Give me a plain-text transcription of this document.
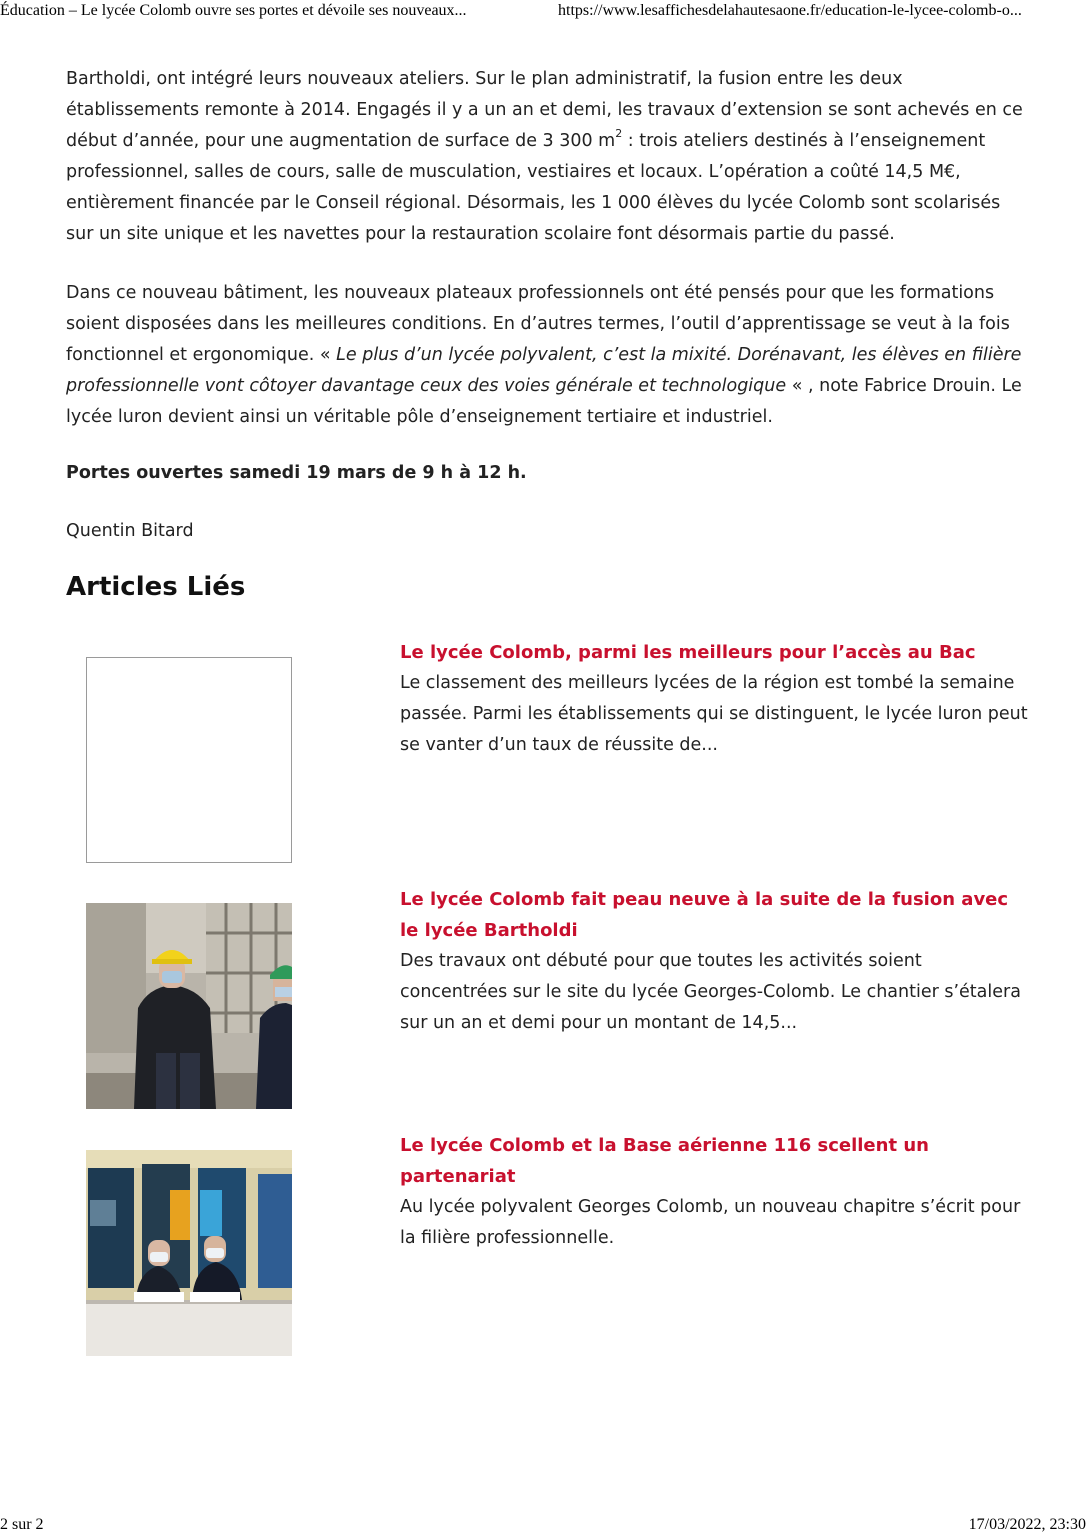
Éducation – Le lycée Colomb ouvre ses portes et dévoile ses nouveaux...	https://www.lesaffichesdelahautesaone.fr/education-le-lycee-colomb-o...

Bartholdi, ont intégré leurs nouveaux ateliers. Sur le plan administratif, la fusion entre les deux établissements remonte à 2014. Engagés il y a un an et demi, les travaux d’extension se sont achevés en ce début d’année, pour une augmentation de surface de 3 300 $m^2$ : trois ateliers destinés à l’enseignement professionnel, salles de cours, salle de musculation, vestiaires et locaux. L’opération a coûté 14,5 M€, entièrement financée par le Conseil régional. Désormais, les 1 000 élèves du lycée Colomb sont scolarisés sur un site unique et les navettes pour la restauration scolaire font désormais partie du passé.

Dans ce nouveau bâtiment, les nouveaux plateaux professionnels ont été pensés pour que les formations soient disposées dans les meilleures conditions. En d’autres termes, l’outil d’apprentissage se veut à la fois fonctionnel et ergonomique. « Le plus d’un lycée polyvalent, c’est la mixité. Dorénavant, les élèves en filière professionnelle vont côtoyer davantage ceux des voies générale et technologique « , note Fabrice Drouin. Le lycée luron devient ainsi un véritable pôle d’enseignement tertiaire et industriel.

Portes ouvertes samedi 19 mars de 9 h à 12 h.

Quentin Bitard

Articles Liés
Le lycée Colomb, parmi les meilleurs pour l’accès au Bac
Le classement des meilleurs lycées de la région est tombé la semaine passée. Parmi les établissements qui se distinguent, le lycée luron peut se vanter d’un taux de réussite de...
Le lycée Colomb fait peau neuve à la suite de la fusion avec le lycée Bartholdi
Des travaux ont débuté pour que toutes les activités soient concentrées sur le site du lycée Georges-Colomb. Le chantier s’étalera sur un an et demi pour un montant de 14,5...
Le lycée Colomb et la Base aérienne 116 scellent un partenariat
Au lycée polyvalent Georges Colomb, un nouveau chapitre s’écrit pour la filière professionnelle.
2 sur 2	17/03/2022, 23:30
